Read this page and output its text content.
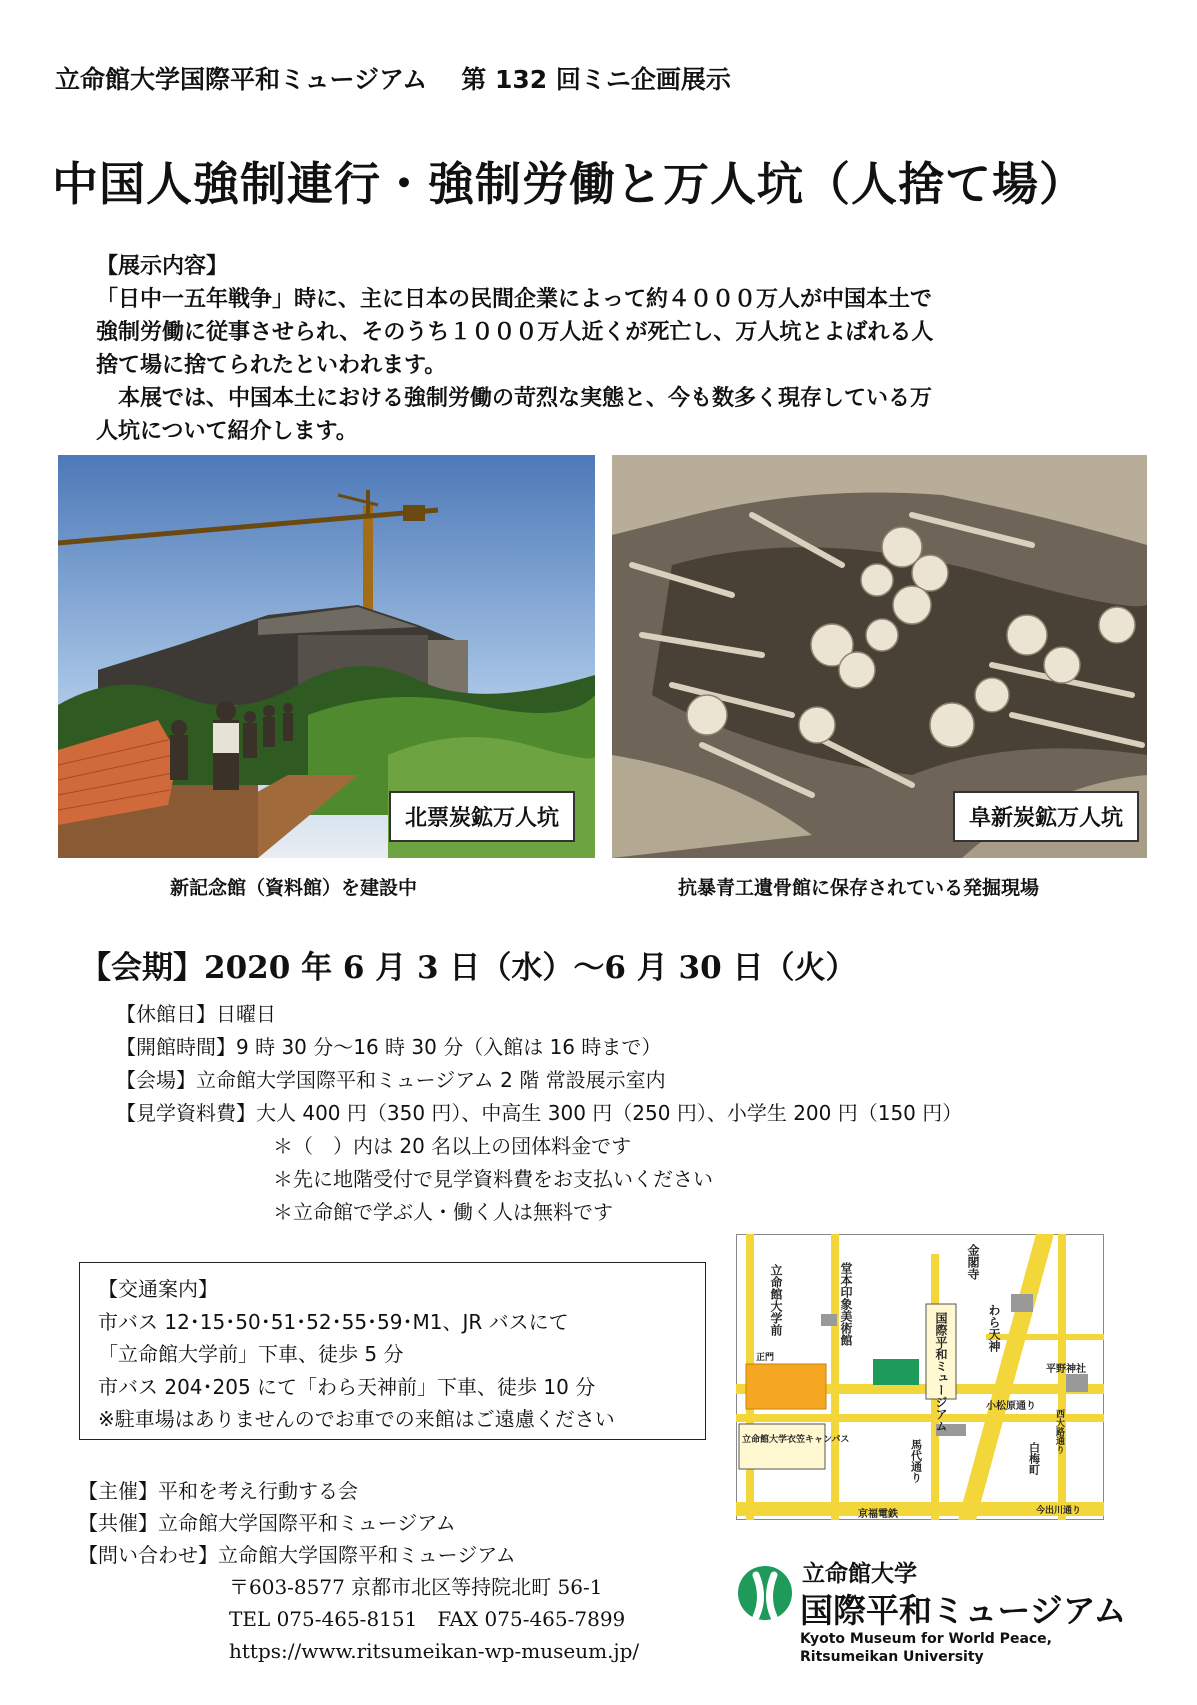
立命館大学国際平和ミュージアム 第 132 回ミニ企画展示
中国人強制連行・強制労働と万人坑（人捨て場）

【展示内容】

「日中一五年戦争」時に、主に日本の民間企業によって約４０００万人が中国本土で

強制労働に従事させられ、そのうち１０００万人近くが死亡し、万人坑とよばれる人

捨て場に捨てられたといわれます。

　本展では、中国本土における強制労働の苛烈な実態と、今も数多く現存している万

人坑について紹介します。

北票炭鉱万人坑	阜新炭鉱万人坑
新記念館（資料館）を建設中	抗暴青工遺骨館に保存されている発掘現場
【会期】2020 年 6 月 3 日（水）～6 月 30 日（火）
【休館日】日曜日
【開館時間】9 時 30 分～16 時 30 分（入館は 16 時まで）
【会場】立命館大学国際平和ミュージアム 2 階 常設展示室内
【見学資料費】大人 400 円（350 円）、中高生 300 円（250 円）、小学生 200 円（150 円）
＊（　）内は 20 名以上の団体料金です
＊先に地階受付で見学資料費をお支払いください
＊立命館で学ぶ人・働く人は無料です
【交通案内】
市バス 12･15･50･51･52･55･59･M1、JR バスにて
「立命館大学前」下車、徒歩 5 分
市バス 204･205 にて「わら天神前」下車、徒歩 10 分
※駐車場はありませんのでお車での来館はご遠慮ください
立命館大学前	堂本印象美術館	金閣寺
国際平和ミュージアム	わら天神
平野神社
正門
立命館大学衣笠キャンパス
小松原通り
西大路通り
馬代通り	白梅町
京福電鉄	今出川通り
【主催】平和を考え行動する会
【共催】立命館大学国際平和ミュージアム
【問い合わせ】立命館大学国際平和ミュージアム
〒603-8577 京都市北区等持院北町 56-1
TEL 075-465-8151　FAX 075-465-7899
https://www.ritsumeikan-wp-museum.jp/
立命館大学
国際平和ミュージアム
Kyoto Museum for World Peace,
Ritsumeikan University
